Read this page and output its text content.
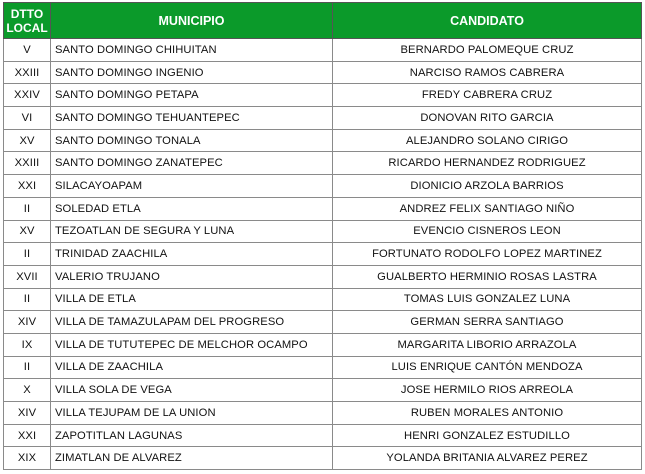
DTTO
LOCAL	MUNICIPIO	CANDIDATO
V	SANTO DOMINGO CHIHUITAN	BERNARDO PALOMEQUE CRUZ
XXIII	SANTO DOMINGO INGENIO	NARCISO RAMOS CABRERA
XXIV	SANTO DOMINGO PETAPA	FREDY CABRERA CRUZ
VI	SANTO DOMINGO TEHUANTEPEC	DONOVAN RITO GARCIA
XV	SANTO DOMINGO TONALA	ALEJANDRO SOLANO CIRIGO
XXIII	SANTO DOMINGO ZANATEPEC	RICARDO HERNANDEZ RODRIGUEZ
XXI	SILACAYOAPAM	DIONICIO ARZOLA BARRIOS
II	SOLEDAD ETLA	ANDREZ FELIX SANTIAGO NIÑO
XV	TEZOATLAN DE SEGURA Y LUNA	EVENCIO CISNEROS LEON
II	TRINIDAD ZAACHILA	FORTUNATO RODOLFO LOPEZ MARTINEZ
XVII	VALERIO TRUJANO	GUALBERTO HERMINIO ROSAS LASTRA
II	VILLA DE ETLA	TOMAS LUIS GONZALEZ LUNA
XIV	VILLA DE TAMAZULAPAM DEL PROGRESO	GERMAN SERRA SANTIAGO
IX	VILLA DE TUTUTEPEC DE MELCHOR OCAMPO	MARGARITA LIBORIO ARRAZOLA
II	VILLA DE ZAACHILA	LUIS ENRIQUE CANTÓN MENDOZA
X	VILLA SOLA DE VEGA	JOSE HERMILO RIOS ARREOLA
XIV	VILLA TEJUPAM DE LA UNION	RUBEN MORALES ANTONIO
XXI	ZAPOTITLAN LAGUNAS	HENRI GONZALEZ ESTUDILLO
XIX	ZIMATLAN DE ALVAREZ	YOLANDA BRITANIA ALVAREZ PEREZ
